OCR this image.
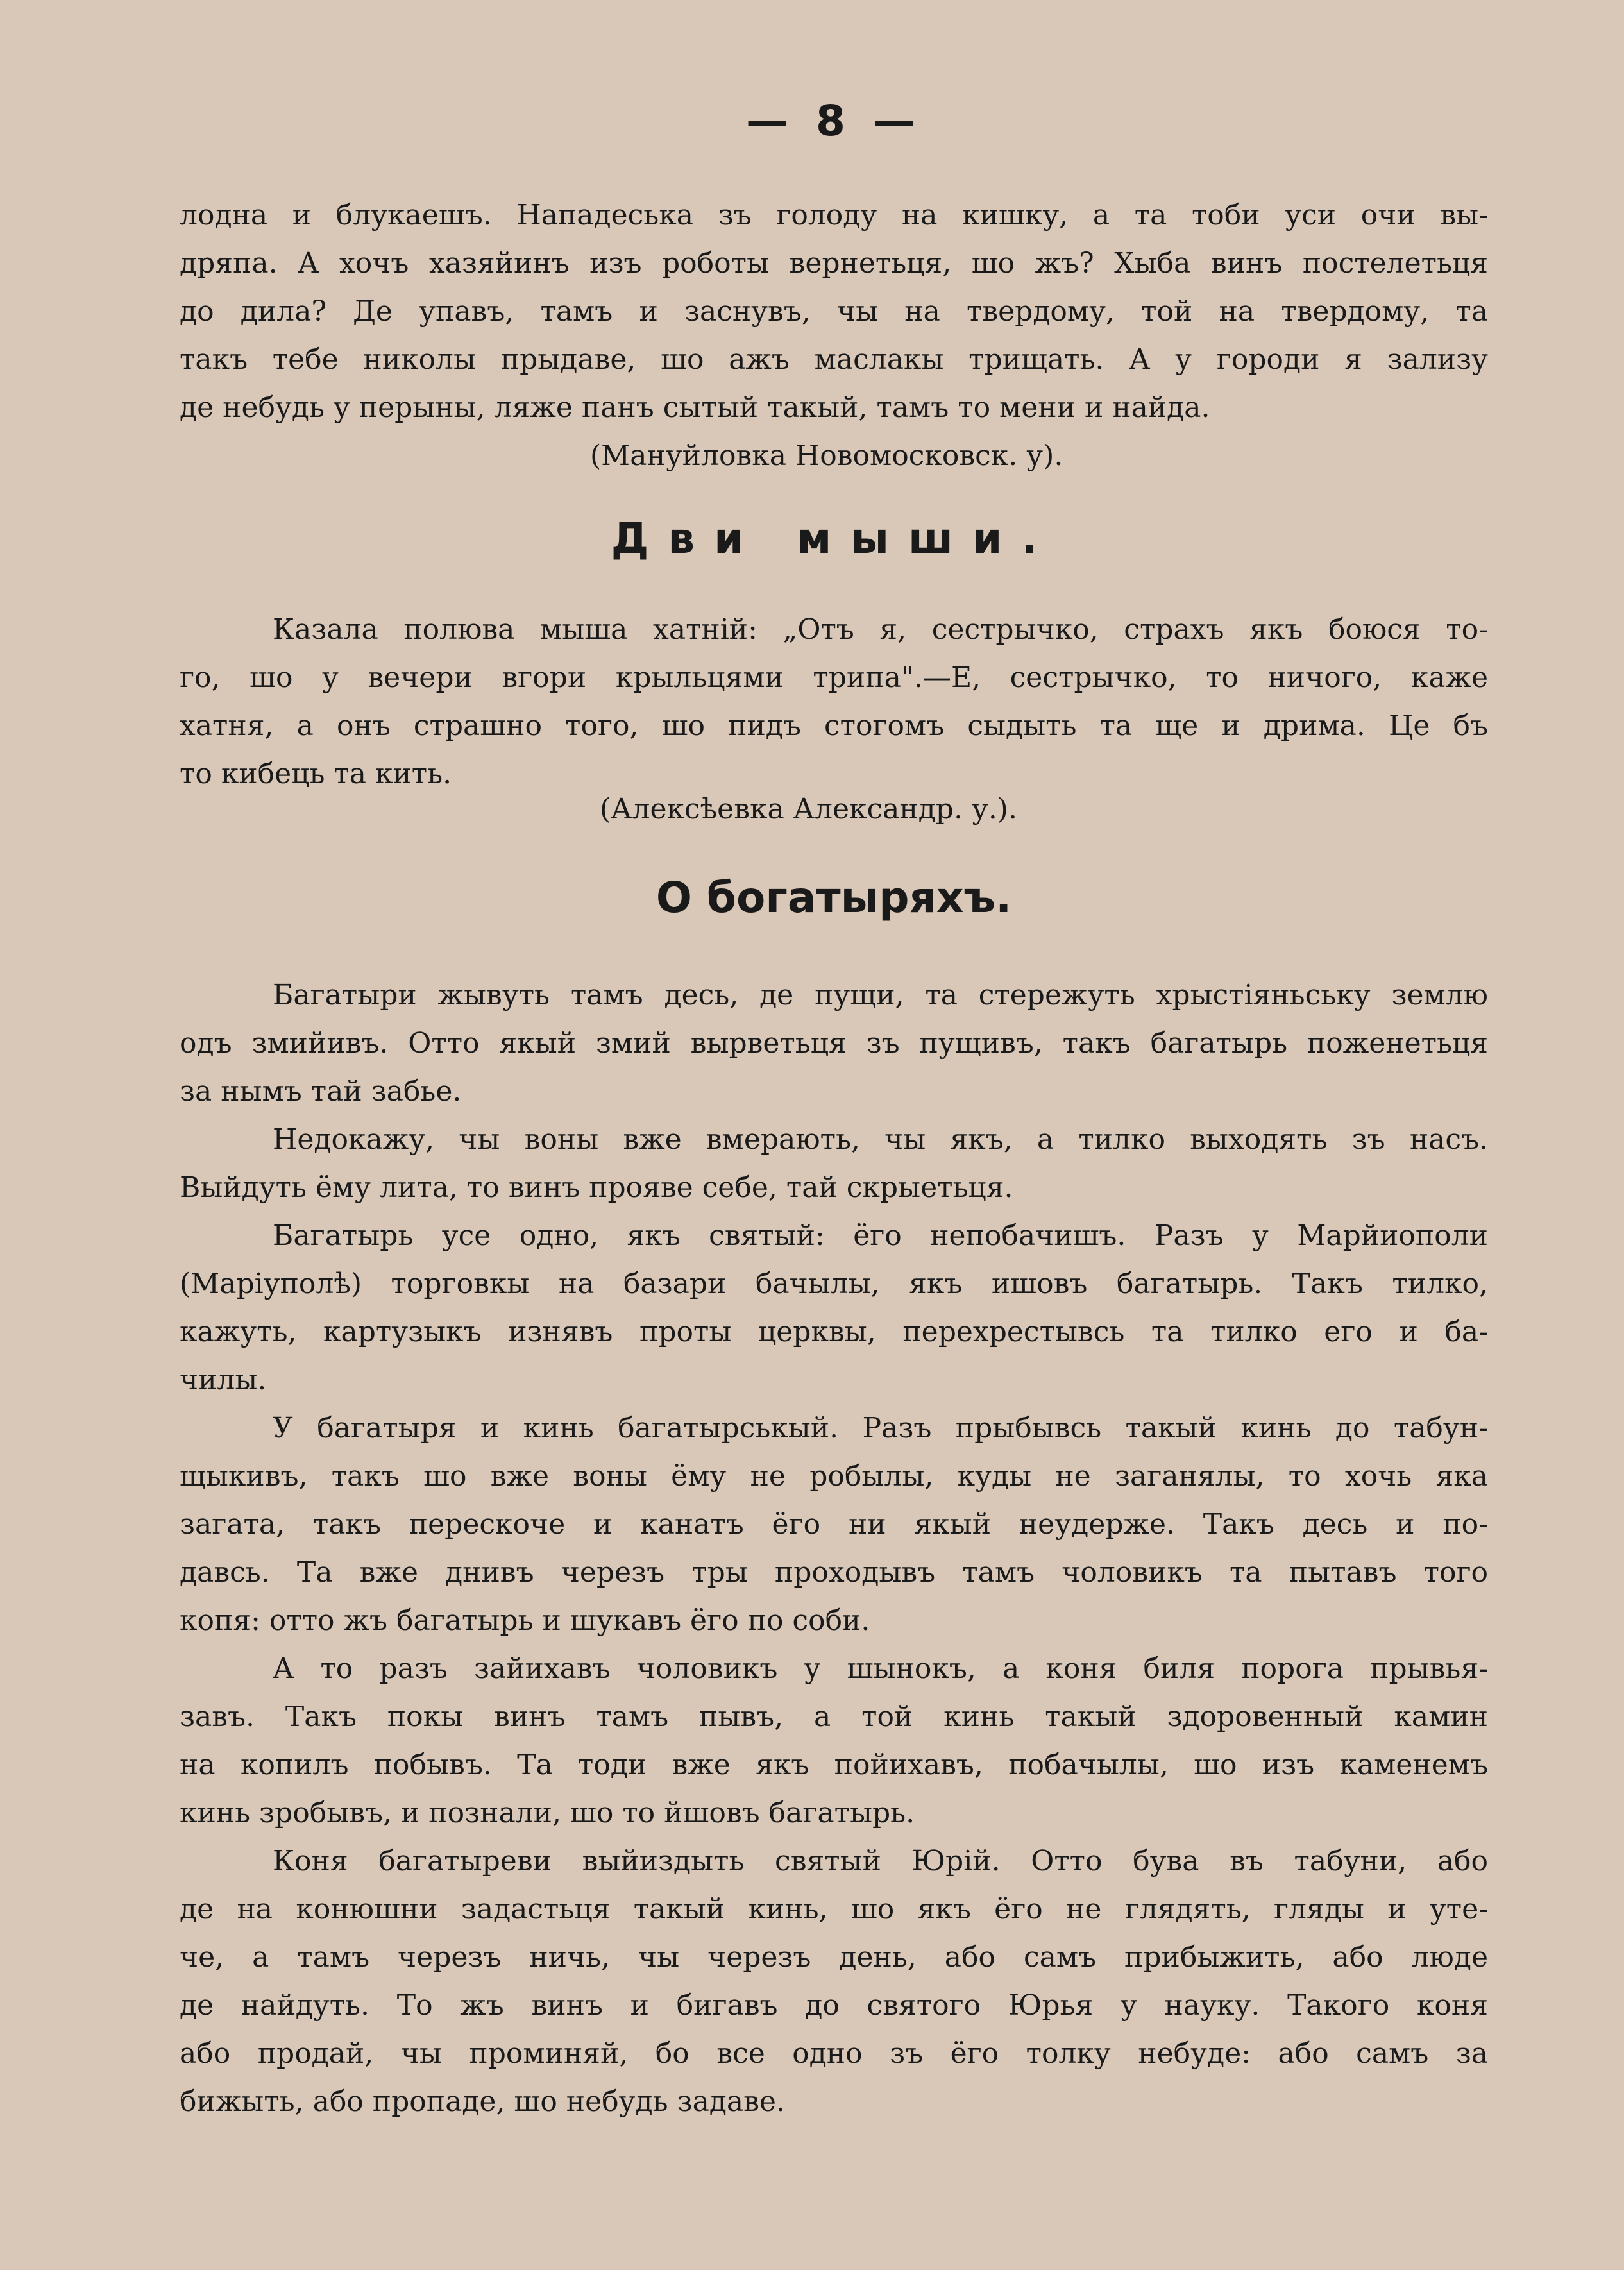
— 8 —
лодна и блукаешъ. Нападеська зъ голоду на кишку, а та тоби уси очи вы-
дряпа. А хочъ хазяйинъ изъ роботы вернетьця, шо жъ? Хыба винъ постелетьця
до дила? Де упавъ, тамъ и заснувъ, чы на твердому, той на твердому, та
такъ тебе николы прыдаве, шо ажъ маслакы трищать. А у городи я зализу
де небудь у перыны, ляже панъ сытый такый, тамъ то мени и найда.
(Мануйловка Новомосковск. у).
Дви мыши.
Казала полюва мыша хатній: „Отъ я, сестрычко, страхъ якъ боюся то-
го, шо у вечери вгори крыльцями трипа".—Е, сестрычко, то ничого, каже
хатня, а онъ страшно того, шо пидъ стогомъ сыдыть та ще и дрима. Це бъ
то кибець та кить.
(Алексѣевка Александр. у.).
О богатыряхъ.
Багатыри жывуть тамъ десь, де пущи, та стережуть хрыстіяньську землю
одъ змийивъ. Отто якый змий вырветьця зъ пущивъ, такъ багатырь поженетьця
за нымъ тай забье.
Недокажу, чы воны вже вмерають, чы якъ, а тилко выходять зъ насъ.
Выйдуть ёму лита, то винъ прояве себе, тай скрыетьця.
Багатырь усе одно, якъ святый: ёго непобачишъ. Разъ у Марйиополи
(Маріуполѣ) торговкы на базари бачылы, якъ ишовъ багатырь. Такъ тилко,
кажуть, картузыкъ изнявъ проты церквы, перехрестывсь та тилко его и ба-
чилы.
У багатыря и кинь багатырськый. Разъ прыбывсь такый кинь до табун-
щыкивъ, такъ шо вже воны ёму не робылы, куды не заганялы, то хочь яка
загата, такъ перескоче и канатъ ёго ни якый неудерже. Такъ десь и по-
давсь. Та вже днивъ черезъ тры проходывъ тамъ чоловикъ та пытавъ того
копя: отто жъ багатырь и шукавъ ёго по соби.
А то разъ зайихавъ чоловикъ у шынокъ, а коня биля порога прывья-
завъ. Такъ покы винъ тамъ пывъ, а той кинь такый здоровенный камин
на копилъ побывъ. Та тоди вже якъ пойихавъ, побачылы, шо изъ каменемъ
кинь зробывъ, и познали, шо то йшовъ багатырь.
Коня багатыреви выйиздыть святый Юрій. Отто бува въ табуни, або
де на конюшни задастьця такый кинь, шо якъ ёго не глядять, гляды и уте-
че, а тамъ черезъ ничь, чы черезъ день, або самъ прибыжить, або люде
де найдуть. То жъ винъ и бигавъ до святого Юрья у науку. Такого коня
або продай, чы проминяй, бо все одно зъ ёго толку небуде: або самъ за
бижыть, або пропаде, шо небудь задаве.
